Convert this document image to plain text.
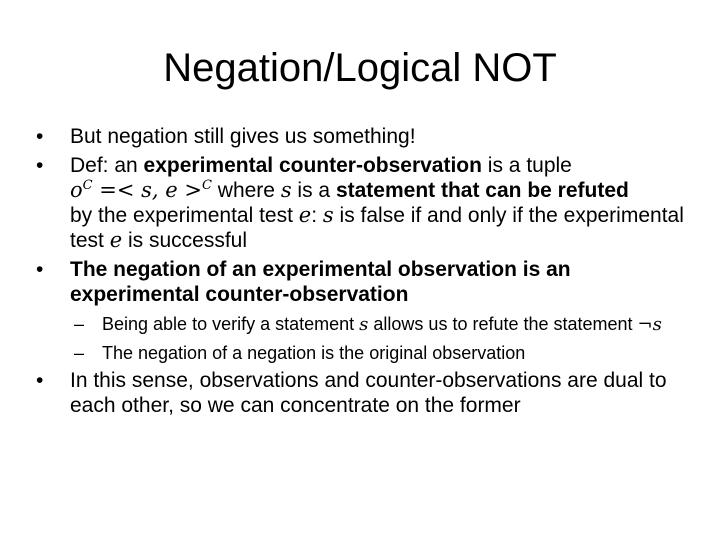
Negation/Logical NOT
•	But negation still gives us something!
•	Def: an experimental counter-observation is a tuple
$o^C =< s$, e >$^C$ where s is a statement that can be refuted
by the experimental test e: s is false if and only if the experimental test e is successful
•	The negation of an experimental observation is an experimental counter-observation
– Being able to verify a statement s allows us to refute the statement ¬s
– The negation of a negation is the original observation
•	In this sense, observations and counter-observations are dual to each other, so we can concentrate on the former
